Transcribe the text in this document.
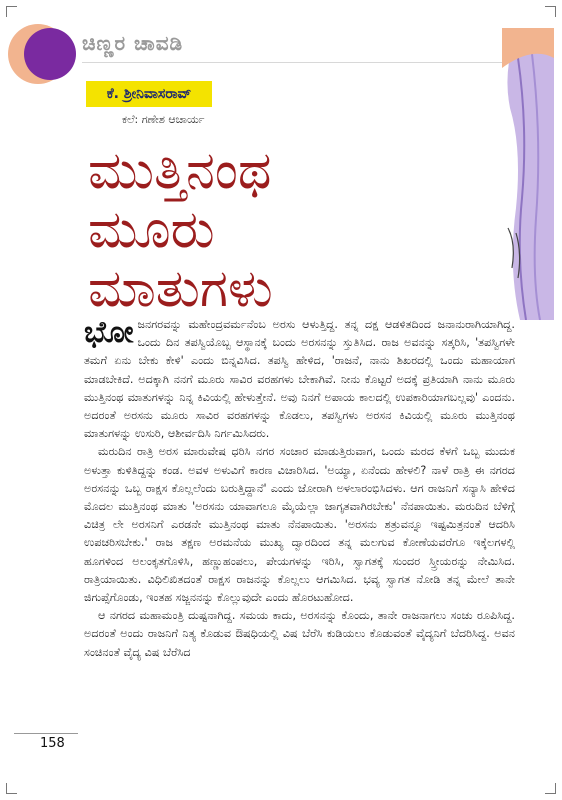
ಚಿಣ್ಣರ ಚಾವಡಿ
ಕೆ. ಶ್ರೀನಿವಾಸರಾವ್
ಕಲೆ: ಗಣೇಶ ಆಚಾರ್ಯ
ಮುತ್ತಿನಂಥ
ಮೂರು
ಮಾತುಗಳು

ಭೋಜನಗರವನ್ನು ಮಹೇಂದ್ರವರ್ಮನೆಂಬ ಅರಸು ಆಳುತ್ತಿದ್ದ. ತನ್ನ ದಕ್ಷ ಆಡಳಿತದಿಂದ ಜನಾನುರಾಗಿಯಾಗಿದ್ದ. ಒಂದು ದಿನ ತಪಸ್ವಿಯೊಬ್ಬ ಆಸ್ಥಾನಕ್ಕೆ ಬಂದು ಅರಸನನ್ನು ಸ್ತುತಿಸಿದ. ರಾಜ ಅವನನ್ನು ಸತ್ಕರಿಸಿ, 'ತಪಸ್ವಿಗಳೇ ತಮಗೆ ಏನು ಬೇಕು ಕೇಳಿ' ಎಂದು ಬಿನ್ನವಿಸಿದ. ತಪಸ್ವಿ ಹೇಳಿದ, 'ರಾಜನೆ, ನಾನು ಶಿಖರದಲ್ಲಿ ಒಂದು ಮಹಾಯಾಗ ಮಾಡಬೇಕಿದೆ. ಅದಕ್ಕಾಗಿ ನನಗೆ ಮೂರು ಸಾವಿರ ವರಹಗಳು ಬೇಕಾಗಿವೆ. ನೀನು ಕೊಟ್ಟರೆ ಅದಕ್ಕೆ ಪ್ರತಿಯಾಗಿ ನಾನು ಮೂರು ಮುತ್ತಿನಂಥ ಮಾತುಗಳನ್ನು ನಿನ್ನ ಕಿವಿಯಲ್ಲಿ ಹೇಳುತ್ತೇನೆ. ಅವು ನಿನಗೆ ಅಪಾಯ ಕಾಲದಲ್ಲಿ ಉಪಕಾರಿಯಾಗಬಲ್ಲವು' ಎಂದನು. ಅದರಂತೆ ಅರಸನು ಮೂರು ಸಾವಿರ ವರಹಗಳನ್ನು ಕೊಡಲು, ತಪಸ್ವಿಗಳು ಅರಸನ ಕಿವಿಯಲ್ಲಿ ಮೂರು ಮುತ್ತಿನಂಥ ಮಾತುಗಳನ್ನು ಉಸುರಿ, ಆಶೀರ್ವದಿಸಿ ನಿರ್ಗಮಿಸಿದರು.

ಮರುದಿನ ರಾತ್ರಿ ಅರಸ ಮಾರುವೇಷ ಧರಿಸಿ ನಗರ ಸಂಚಾರ ಮಾಡುತ್ತಿರುವಾಗ, ಒಂದು ಮರದ ಕೆಳಗೆ ಒಬ್ಬ ಮುದುಕ ಅಳುತ್ತಾ ಕುಳಿತಿದ್ದನ್ನು ಕಂಡ. ಅವಳ ಅಳುವಿಗೆ ಕಾರಣ ವಿಚಾರಿಸಿದ. 'ಅಯ್ಯಾ, ಏನೆಂದು ಹೇಳಲಿ? ನಾಳೆ ರಾತ್ರಿ ಈ ನಗರದ ಅರಸನನ್ನು ಒಬ್ಬ ರಾಕ್ಷಸ ಕೊಲ್ಲಲೆಂದು ಬರುತ್ತಿದ್ದಾನೆ' ಎಂದು ಜೋರಾಗಿ ಅಳಲಾರಂಭಿಸಿದಳು. ಆಗ ರಾಜನಿಗೆ ಸನ್ಯಾಸಿ ಹೇಳಿದ ಮೊದಲ ಮುತ್ತಿನಂಥ ಮಾತು 'ಅರಸನು ಯಾವಾಗಲೂ ಮೈಯೆಲ್ಲಾ ಜಾಗೃತವಾಗಿರಬೇಕು' ನೆನಪಾಯಿತು. ಮರುದಿನ ಬೆಳಿಗ್ಗೆ ವಿಚಿತ್ರ ಲೇ ಅರಸನಿಗೆ ಎರಡನೇ ಮುತ್ತಿನಂಥ ಮಾತು ನೆನಪಾಯಿತು. 'ಅರಸನು ಶತ್ರುವನ್ನೂ ಇಷ್ಟಮಿತ್ರನಂತೆ ಆದರಿಸಿ ಉಪಚರಿಸಬೇಕು.' ರಾಜ ತಕ್ಷಣ ಅರಮನೆಯ ಮುಖ್ಯ ದ್ವಾರದಿಂದ ತನ್ನ ಮಲಗುವ ಕೋಣೆಯವರೆಗೂ ಇಕ್ಕೆಲಗಳಲ್ಲಿ ಹೂಗಳಿಂದ ಅಲಂಕೃತಗೊಳಿಸಿ, ಹಣ್ಣುಹಂಪಲು, ಪೇಯಗಳನ್ನು ಇರಿಸಿ, ಸ್ವಾಗತಕ್ಕೆ ಸುಂದರ ಸ್ತ್ರೀಯರನ್ನು ನೇಮಿಸಿದ. ರಾತ್ರಿಯಾಯಿತು. ವಿಧಿಲಿಖಿತದಂತೆ ರಾಕ್ಷಸ ರಾಜನನ್ನು ಕೊಲ್ಲಲು ಆಗಮಿಸಿದ. ಭವ್ಯ ಸ್ವಾಗತ ನೋಡಿ ತನ್ನ ಮೇಲೆ ತಾನೇ ಜಿಗುಪ್ಸೆಗೊಂಡು, ಇಂತಹ ಸಜ್ಜನನನ್ನು ಕೊಲ್ಲುವುದೇ ಎಂದು ಹೊರಟುಹೋದ.

ಆ ನಗರದ ಮಹಾಮಂತ್ರಿ ದುಷ್ಟನಾಗಿದ್ದ. ಸಮಯ ಕಾದು, ಅರಸನನ್ನು ಕೊಂದು, ತಾನೇ ರಾಜನಾಗಲು ಸಂಚು ರೂಪಿಸಿದ್ದ. ಅದರಂತೆ ಅಂದು ರಾಜನಿಗೆ ನಿತ್ಯ ಕೊಡುವ ಔಷಧಿಯಲ್ಲಿ ವಿಷ ಬೆರೆಸಿ ಕುಡಿಯಲು ಕೊಡುವಂತೆ ವೈದ್ಯನಿಗೆ ಬೆದರಿಸಿದ್ದ. ಅವನ ಸಂಚಿನಂತೆ ವೈದ್ಯ ವಿಷ ಬೆರೆಸಿದ

158
